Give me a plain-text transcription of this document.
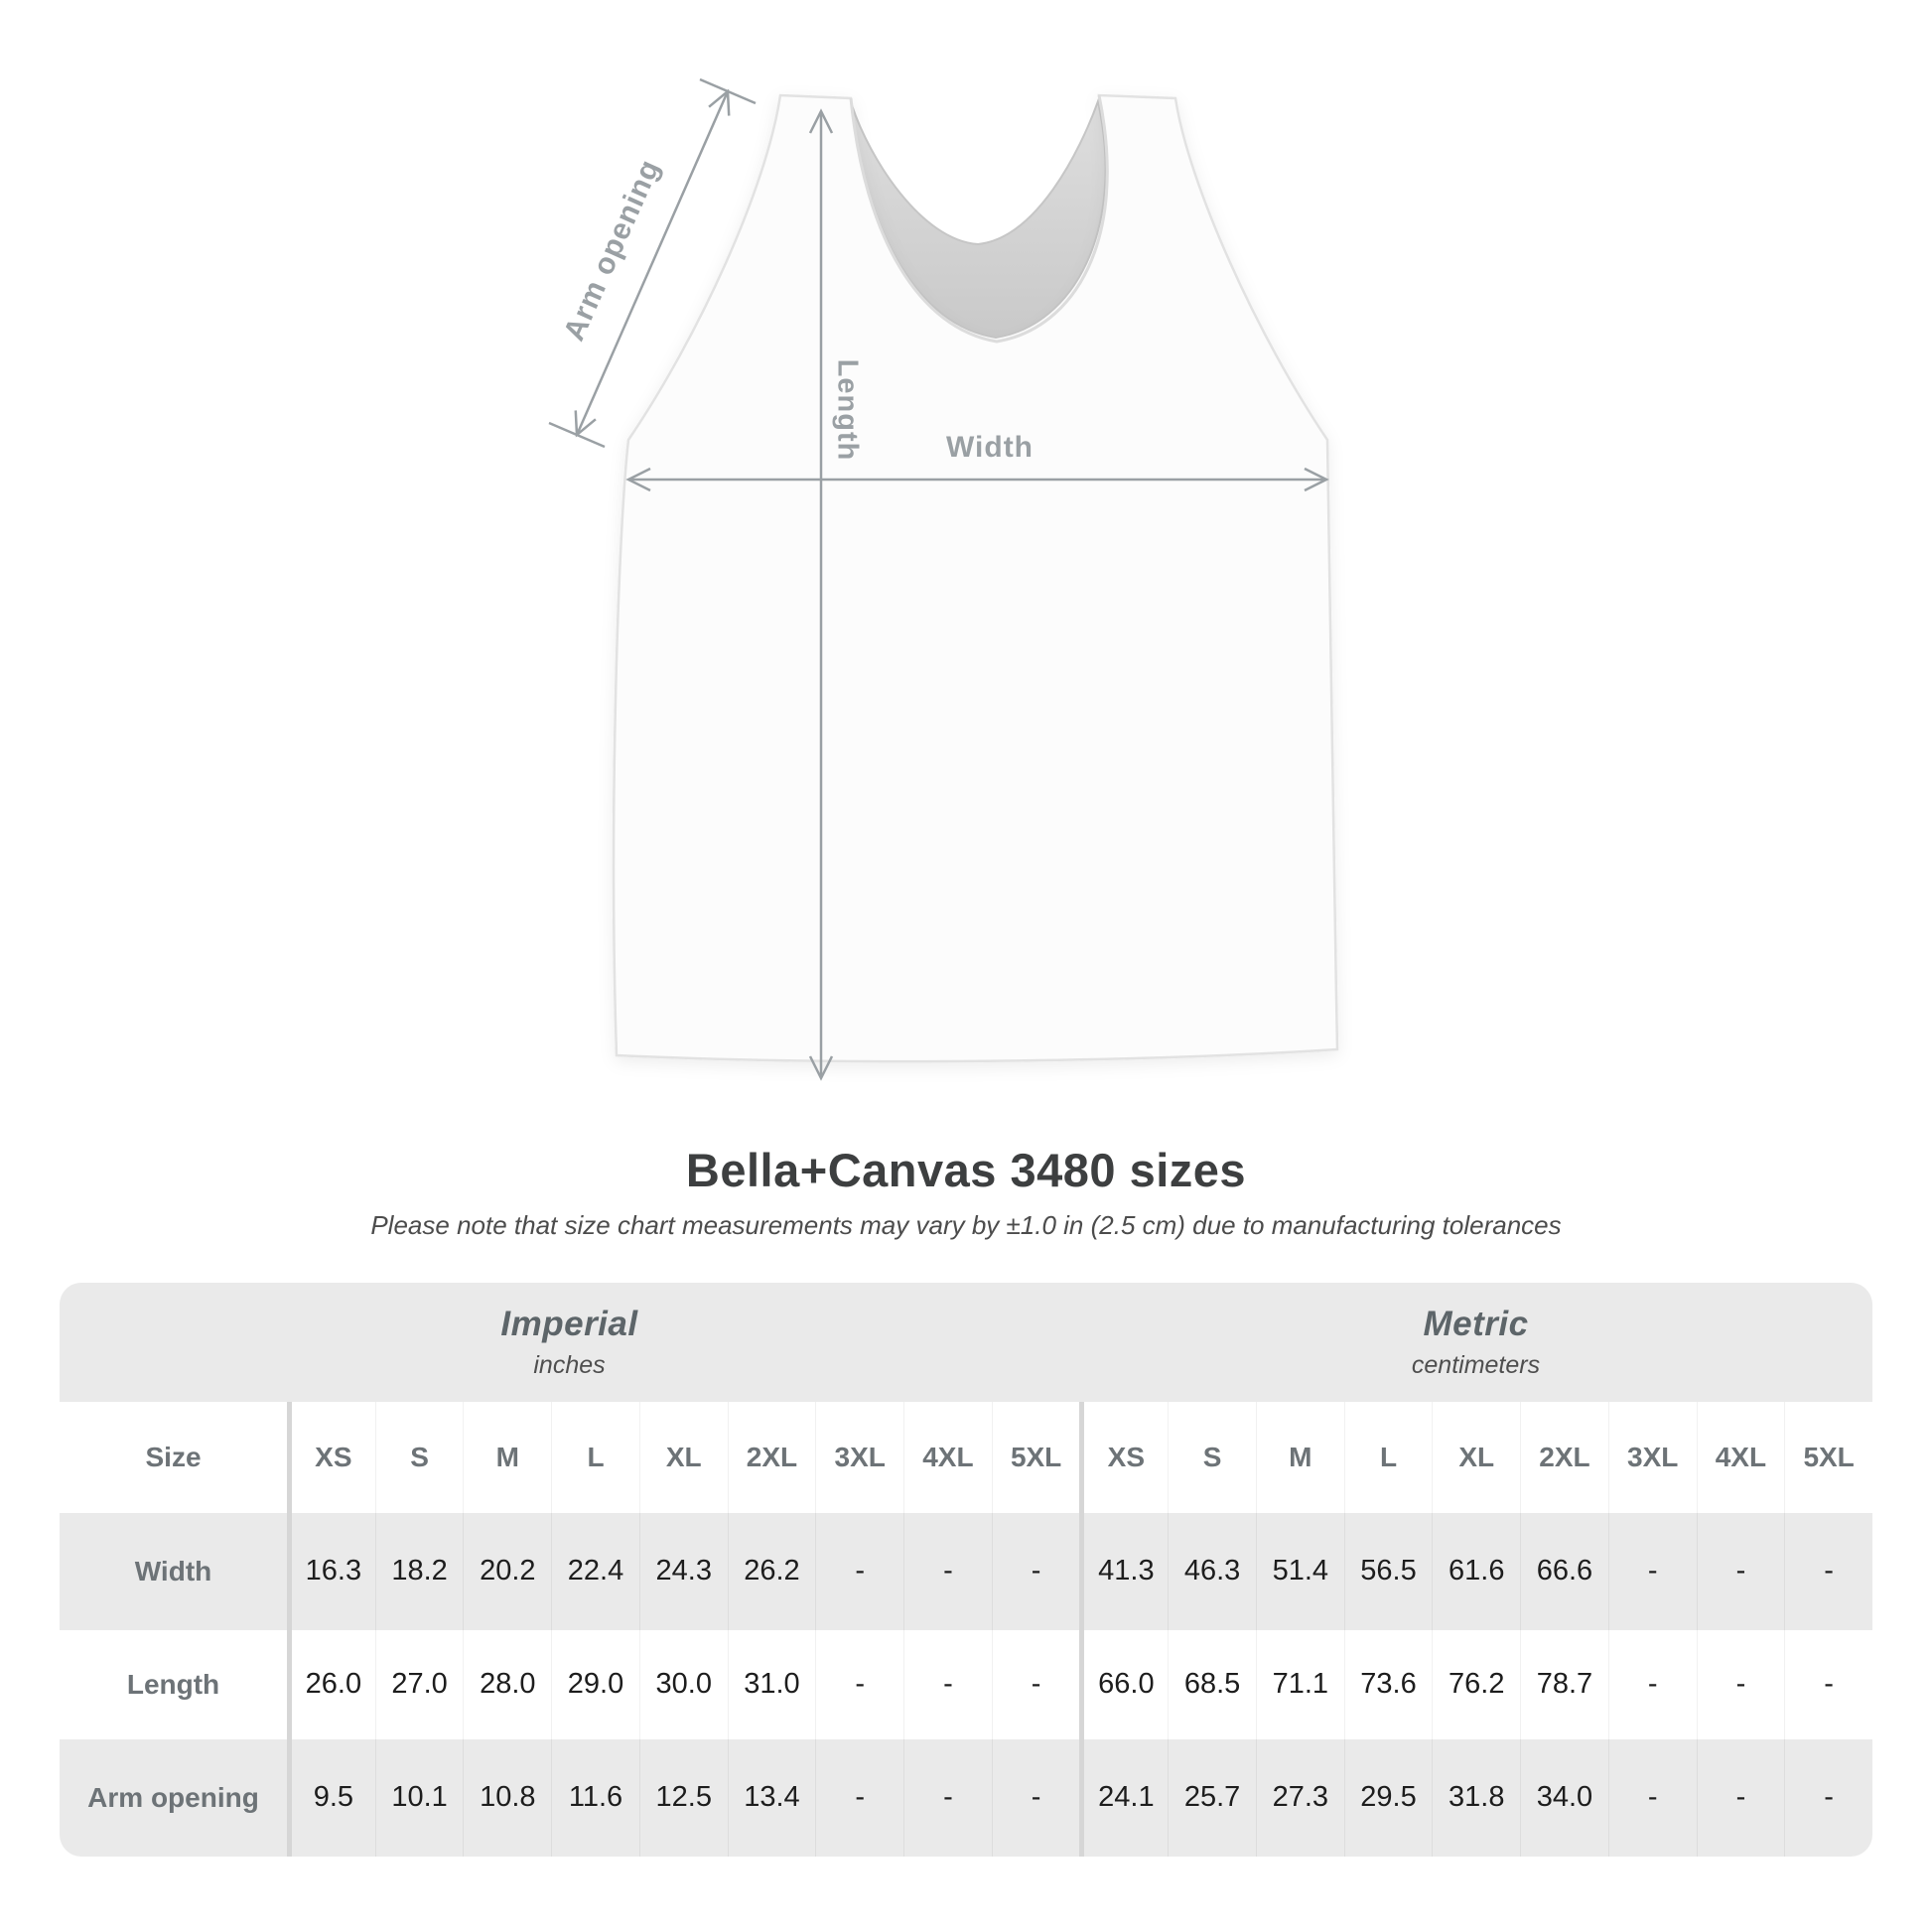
Arm opening
Length	Width
Bella+Canvas 3480 sizes

Please note that size chart measurements may vary by ±1.0 in (2.5 cm) due to manufacturing tolerances

Imperial
inches
Metric
centimeters
Size	XS	S	M	L	XL	2XL	3XL	4XL	5XL	XS	S	M	L	XL	2XL	3XL	4XL	5XL
Width	16.3	18.2	20.2	22.4	24.3	26.2	-	-	-	41.3	46.3	51.4	56.5	61.6	66.6	-	-	-
Length	26.0	27.0	28.0	29.0	30.0	31.0	-	-	-	66.0	68.5	71.1	73.6	76.2	78.7	-	-	-
Arm opening	9.5	10.1	10.8	11.6	12.5	13.4	-	-	-	24.1	25.7	27.3	29.5	31.8	34.0	-	-	-
